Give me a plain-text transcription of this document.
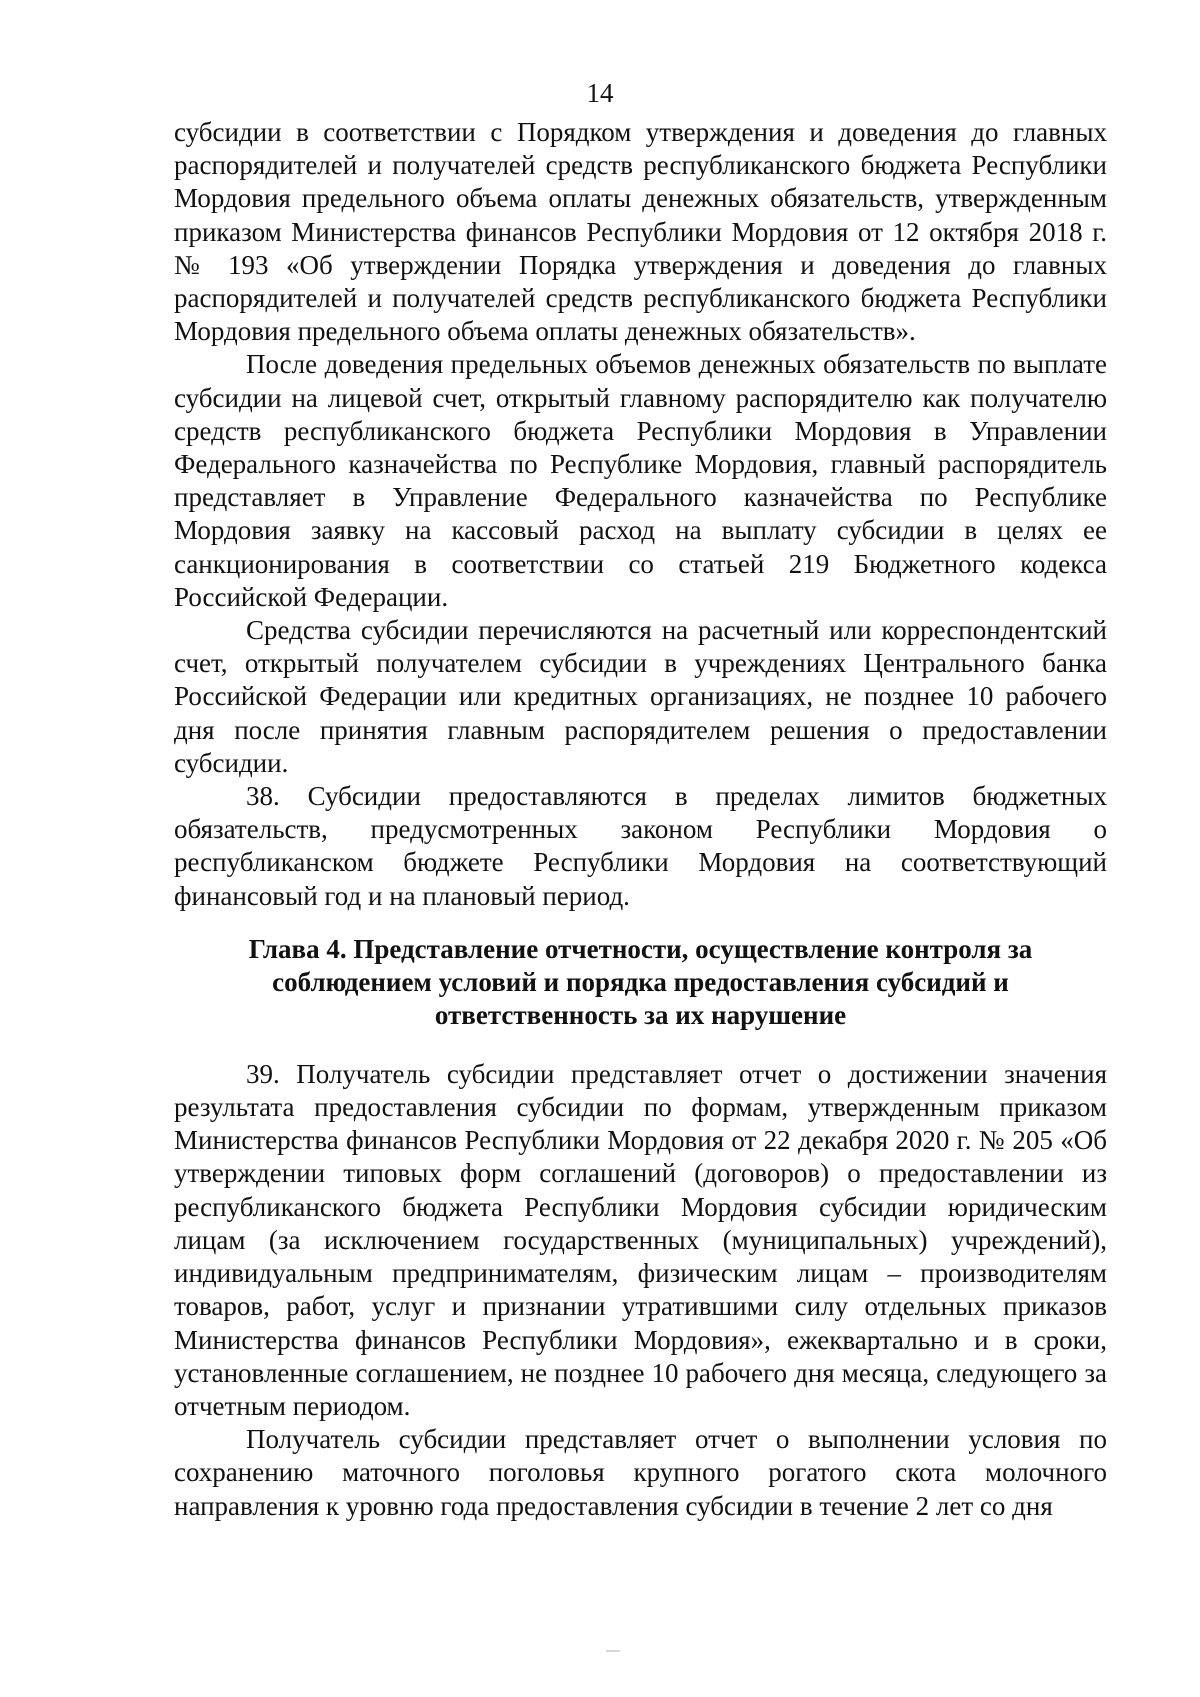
14

субсидии в соответствии с Порядком утверждения и доведения до главных распорядителей и получателей средств республиканского бюджета Республики Мордовия предельного объема оплаты денежных обязательств, утвержденным приказом Министерства финансов Республики Мордовия от 12 октября 2018 г. № 193 «Об утверждении Порядка утверждения и доведения до главных распорядителей и получателей средств республиканского бюджета Республики Мордовия предельного объема оплаты денежных обязательств».

После доведения предельных объемов денежных обязательств по выплате субсидии на лицевой счет, открытый главному распорядителю как получателю средств республиканского бюджета Республики Мордовия в Управлении Федерального казначейства по Республике Мордовия, главный распорядитель представляет в Управление Федерального казначейства по Республике Мордовия заявку на кассовый расход на выплату субсидии в целях ее санкционирования в соответствии со статьей 219 Бюджетного кодекса Российской Федерации.

Средства субсидии перечисляются на расчетный или корреспондентский счет, открытый получателем субсидии в учреждениях Центрального банка Российской Федерации или кредитных организациях, не позднее 10 рабочего дня после принятия главным распорядителем решения о предоставлении субсидии.

38. Субсидии предоставляются в пределах лимитов бюджетных обязательств, предусмотренных законом Республики Мордовия о республиканском бюджете Республики Мордовия на соответствующий финансовый год и на плановый период.

Глава 4. Представление отчетности, осуществление контроля за
соблюдением условий и порядка предоставления субсидий и
ответственность за их нарушение

39. Получатель субсидии представляет отчет о достижении значения результата предоставления субсидии по формам, утвержденным приказом Министерства финансов Республики Мордовия от 22 декабря 2020 г. № 205 «Об утверждении типовых форм соглашений (договоров) о предоставлении из республиканского бюджета Республики Мордовия субсидии юридическим лицам (за исключением государственных (муниципальных) учреждений), индивидуальным предпринимателям, физическим лицам – производителям товаров, работ, услуг и признании утратившими силу отдельных приказов Министерства финансов Республики Мордовия», ежеквартально и в сроки, установленные соглашением, не позднее 10 рабочего дня месяца, следующего за отчетным периодом.

Получатель субсидии представляет отчет о выполнении условия по сохранению маточного поголовья крупного рогатого скота молочного направления к уровню года предоставления субсидии в течение 2 лет со дня
